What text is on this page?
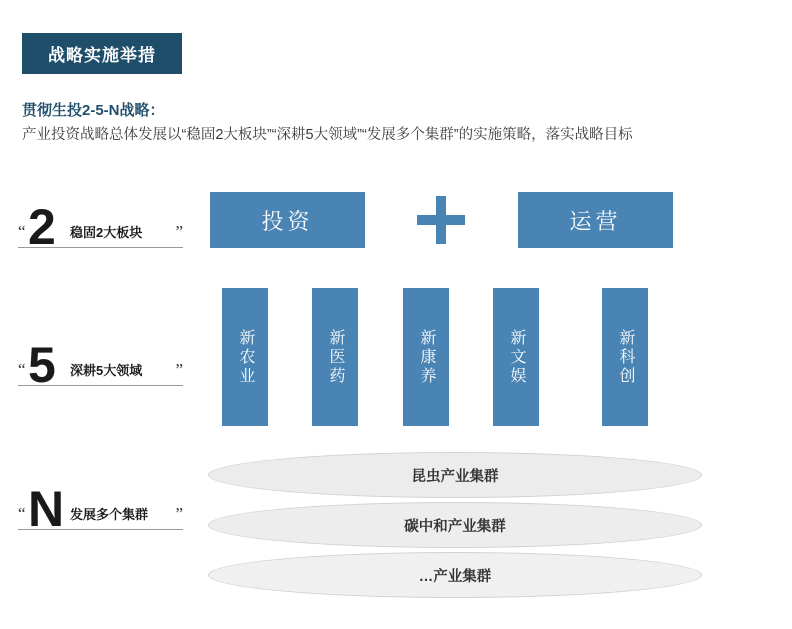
战略实施举措
贯彻生投2-5-N战略：
产业投资战略总体发展以“稳固2大板块”“深耕5大领域”“发展多个集群”的实施策略，落实战略目标
“ 2 稳固2大板块 ”	投资	运营
“ 5 深耕5大领域 ”	新农业	新医药	新康养	新文娱	新科创
“ N 发展多个集群 ”
昆虫产业集群
碳中和产业集群
…产业集群
